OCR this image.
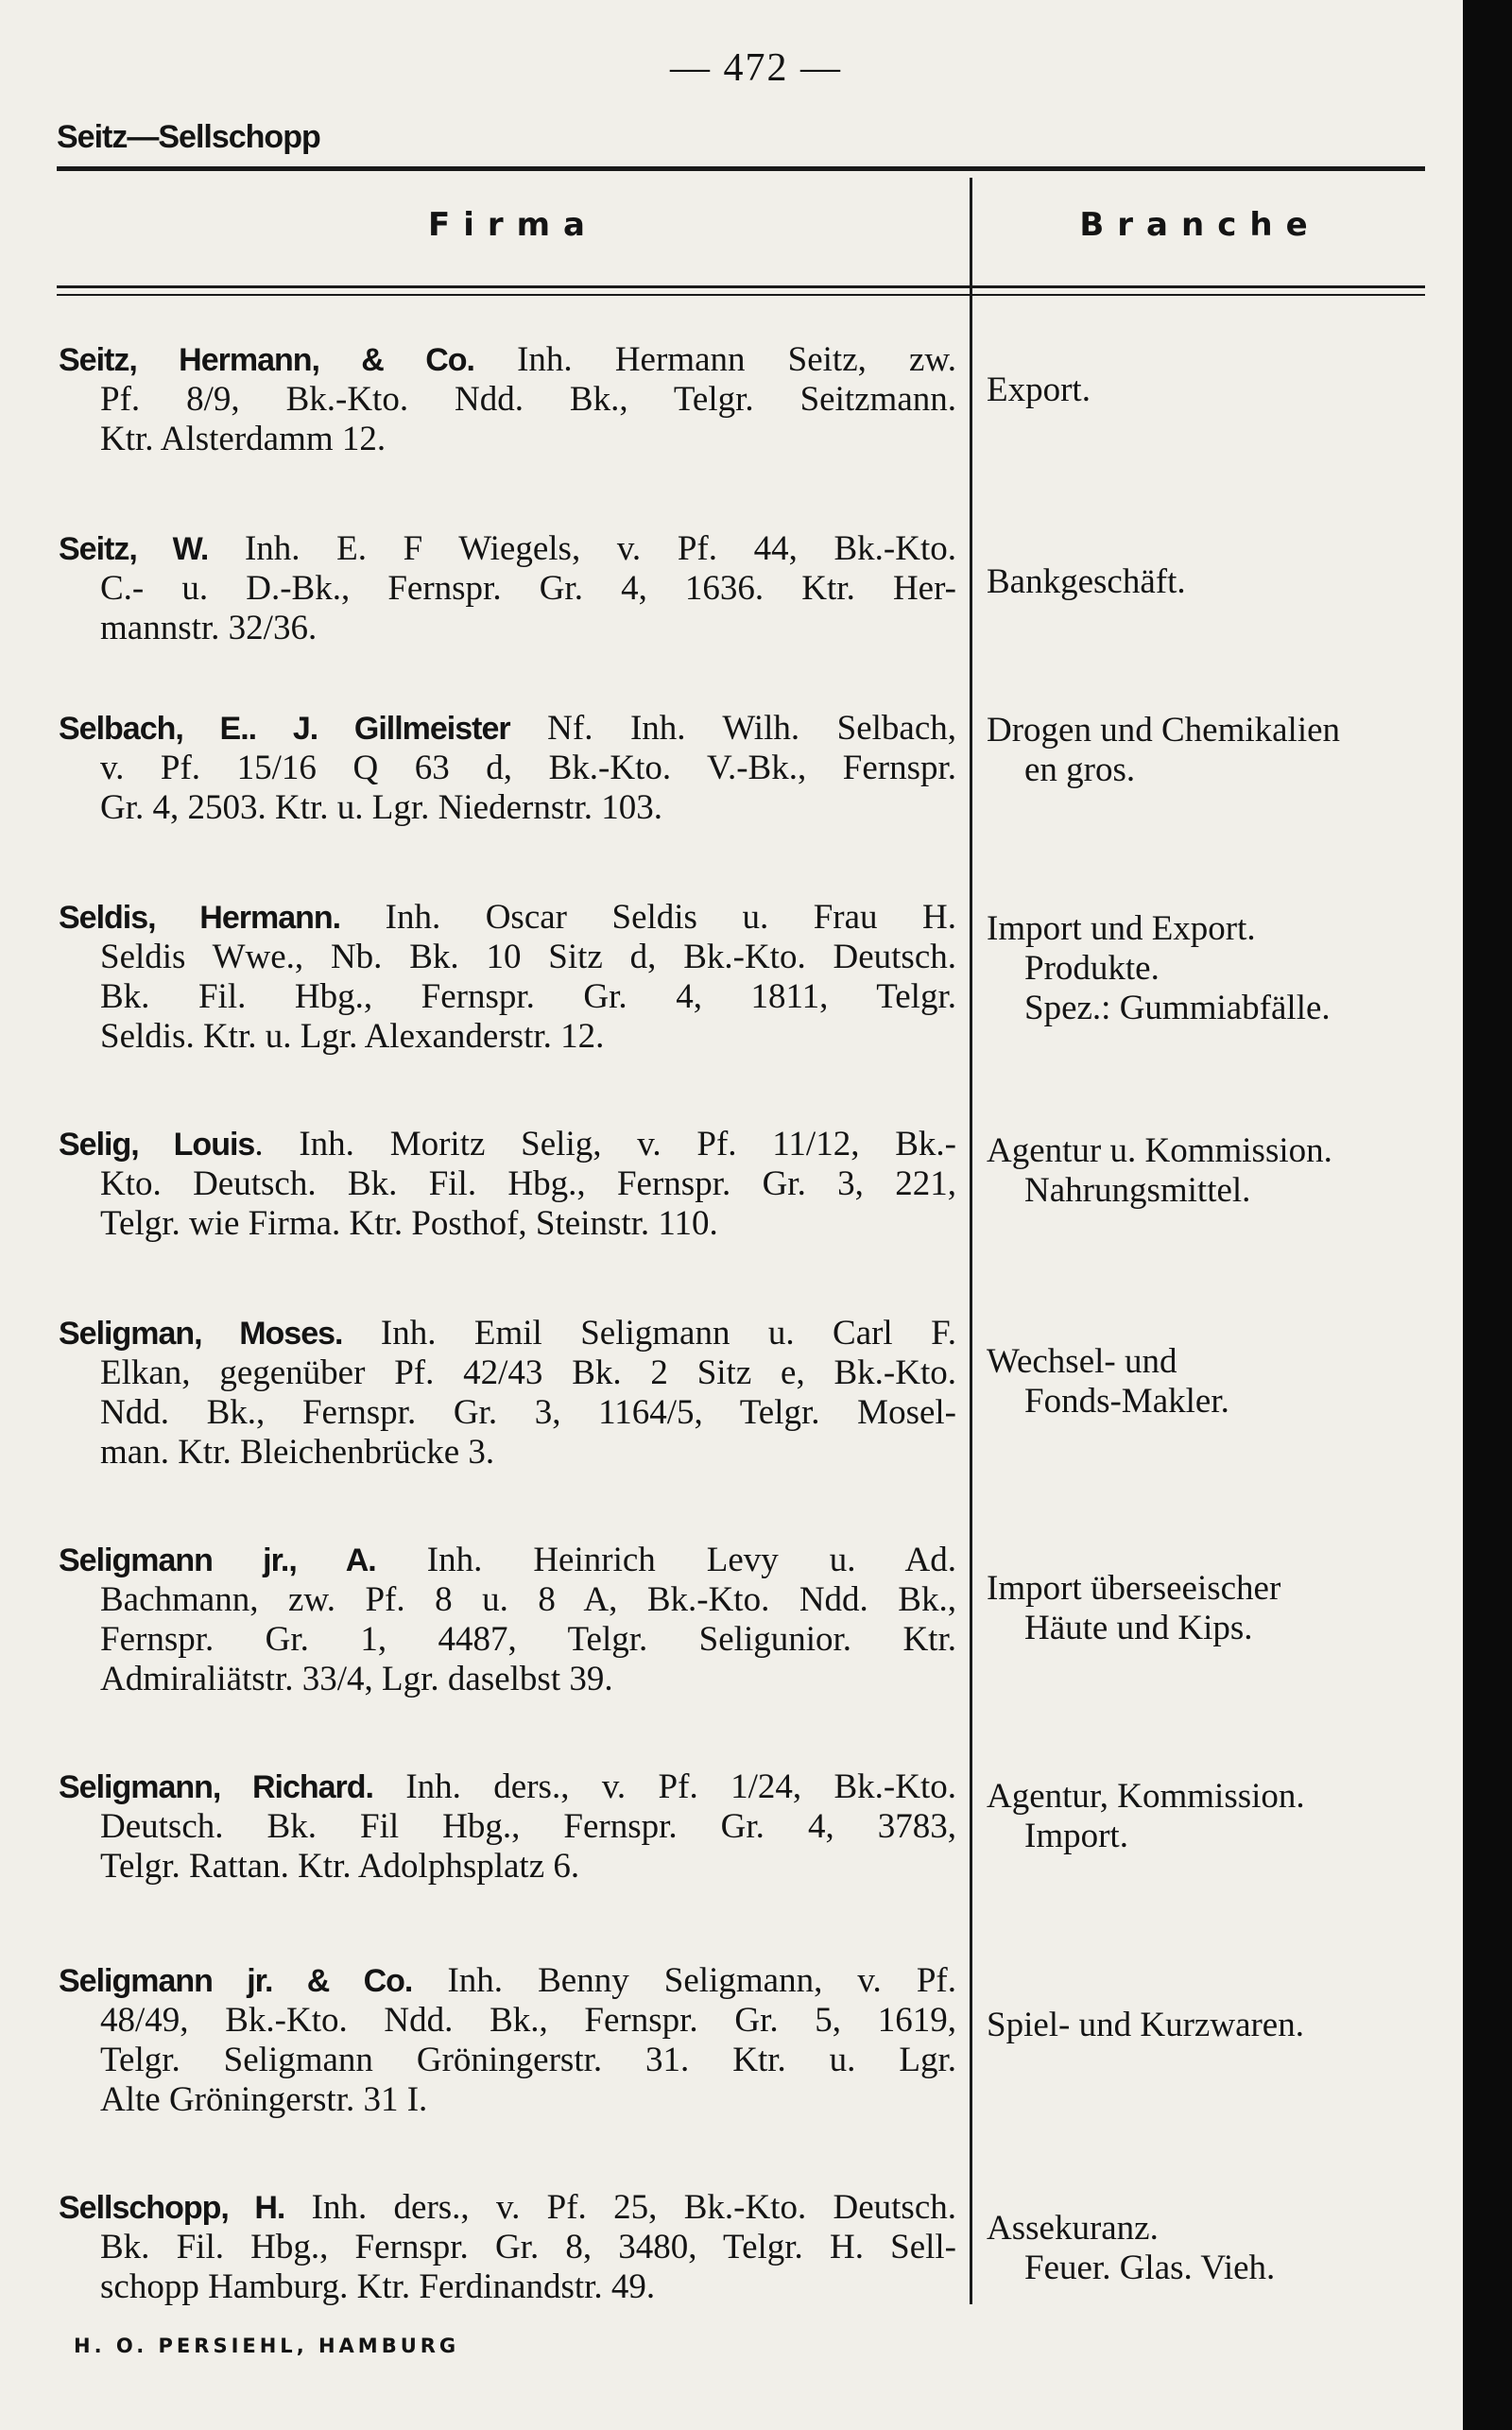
— 472 —
Seitz—Sellschopp
Firma	Branche
Seitz, Hermann, & Co. Inh. Hermann Seitz, zw.
Pf. 8/9, Bk.-Kto. Ndd. Bk., Telgr. Seitzmann.
Ktr. Alsterdamm 12.
Export.
Seitz, W. Inh. E. F Wiegels, v. Pf. 44, Bk.-Kto.
C.- u. D.-Bk., Fernspr. Gr. 4, 1636. Ktr. Her-
mannstr. 32/36.
Bankgeschäft.
Selbach, E.. J. Gillmeister Nf. Inh. Wilh. Selbach,
v. Pf. 15/16 Q 63 d, Bk.-Kto. V.-Bk., Fernspr.
Gr. 4, 2503. Ktr. u. Lgr. Niedernstr. 103.
Drogen und Chemikalien
en gros.
Seldis, Hermann. Inh. Oscar Seldis u. Frau H.
Seldis Wwe., Nb. Bk. 10 Sitz d, Bk.-Kto. Deutsch.
Bk. Fil. Hbg., Fernspr. Gr. 4, 1811, Telgr.
Seldis. Ktr. u. Lgr. Alexanderstr. 12.
Import und Export.
Produkte.
Spez.: Gummiabfälle.
Selig, Louis. Inh. Moritz Selig, v. Pf. 11/12, Bk.-
Kto. Deutsch. Bk. Fil. Hbg., Fernspr. Gr. 3, 221,
Telgr. wie Firma. Ktr. Posthof, Steinstr. 110.
Agentur u. Kommission.
Nahrungsmittel.
Seligman, Moses. Inh. Emil Seligmann u. Carl F.
Elkan, gegenüber Pf. 42/43 Bk. 2 Sitz e, Bk.-Kto.
Ndd. Bk., Fernspr. Gr. 3, 1164/5, Telgr. Mosel-
man. Ktr. Bleichenbrücke 3.
Wechsel- und
Fonds-Makler.
Seligmann jr., A. Inh. Heinrich Levy u. Ad.
Bachmann, zw. Pf. 8 u. 8 A, Bk.-Kto. Ndd. Bk.,
Fernspr. Gr. 1, 4487, Telgr. Seligunior. Ktr.
Admiraliätstr. 33/4, Lgr. daselbst 39.
Import überseeischer
Häute und Kips.
Seligmann, Richard. Inh. ders., v. Pf. 1/24, Bk.-Kto.
Deutsch. Bk. Fil Hbg., Fernspr. Gr. 4, 3783,
Telgr. Rattan. Ktr. Adolphsplatz 6.
Agentur, Kommission.
Import.
Seligmann jr. & Co. Inh. Benny Seligmann, v. Pf.
48/49, Bk.-Kto. Ndd. Bk., Fernspr. Gr. 5, 1619,
Telgr. Seligmann Gröningerstr. 31. Ktr. u. Lgr.
Alte Gröningerstr. 31 I.
Spiel- und Kurzwaren.
Sellschopp, H. Inh. ders., v. Pf. 25, Bk.-Kto. Deutsch.
Bk. Fil. Hbg., Fernspr. Gr. 8, 3480, Telgr. H. Sell-
schopp Hamburg. Ktr. Ferdinandstr. 49.
Assekuranz.
Feuer. Glas. Vieh.
H. O. PERSIEHL, HAMBURG
